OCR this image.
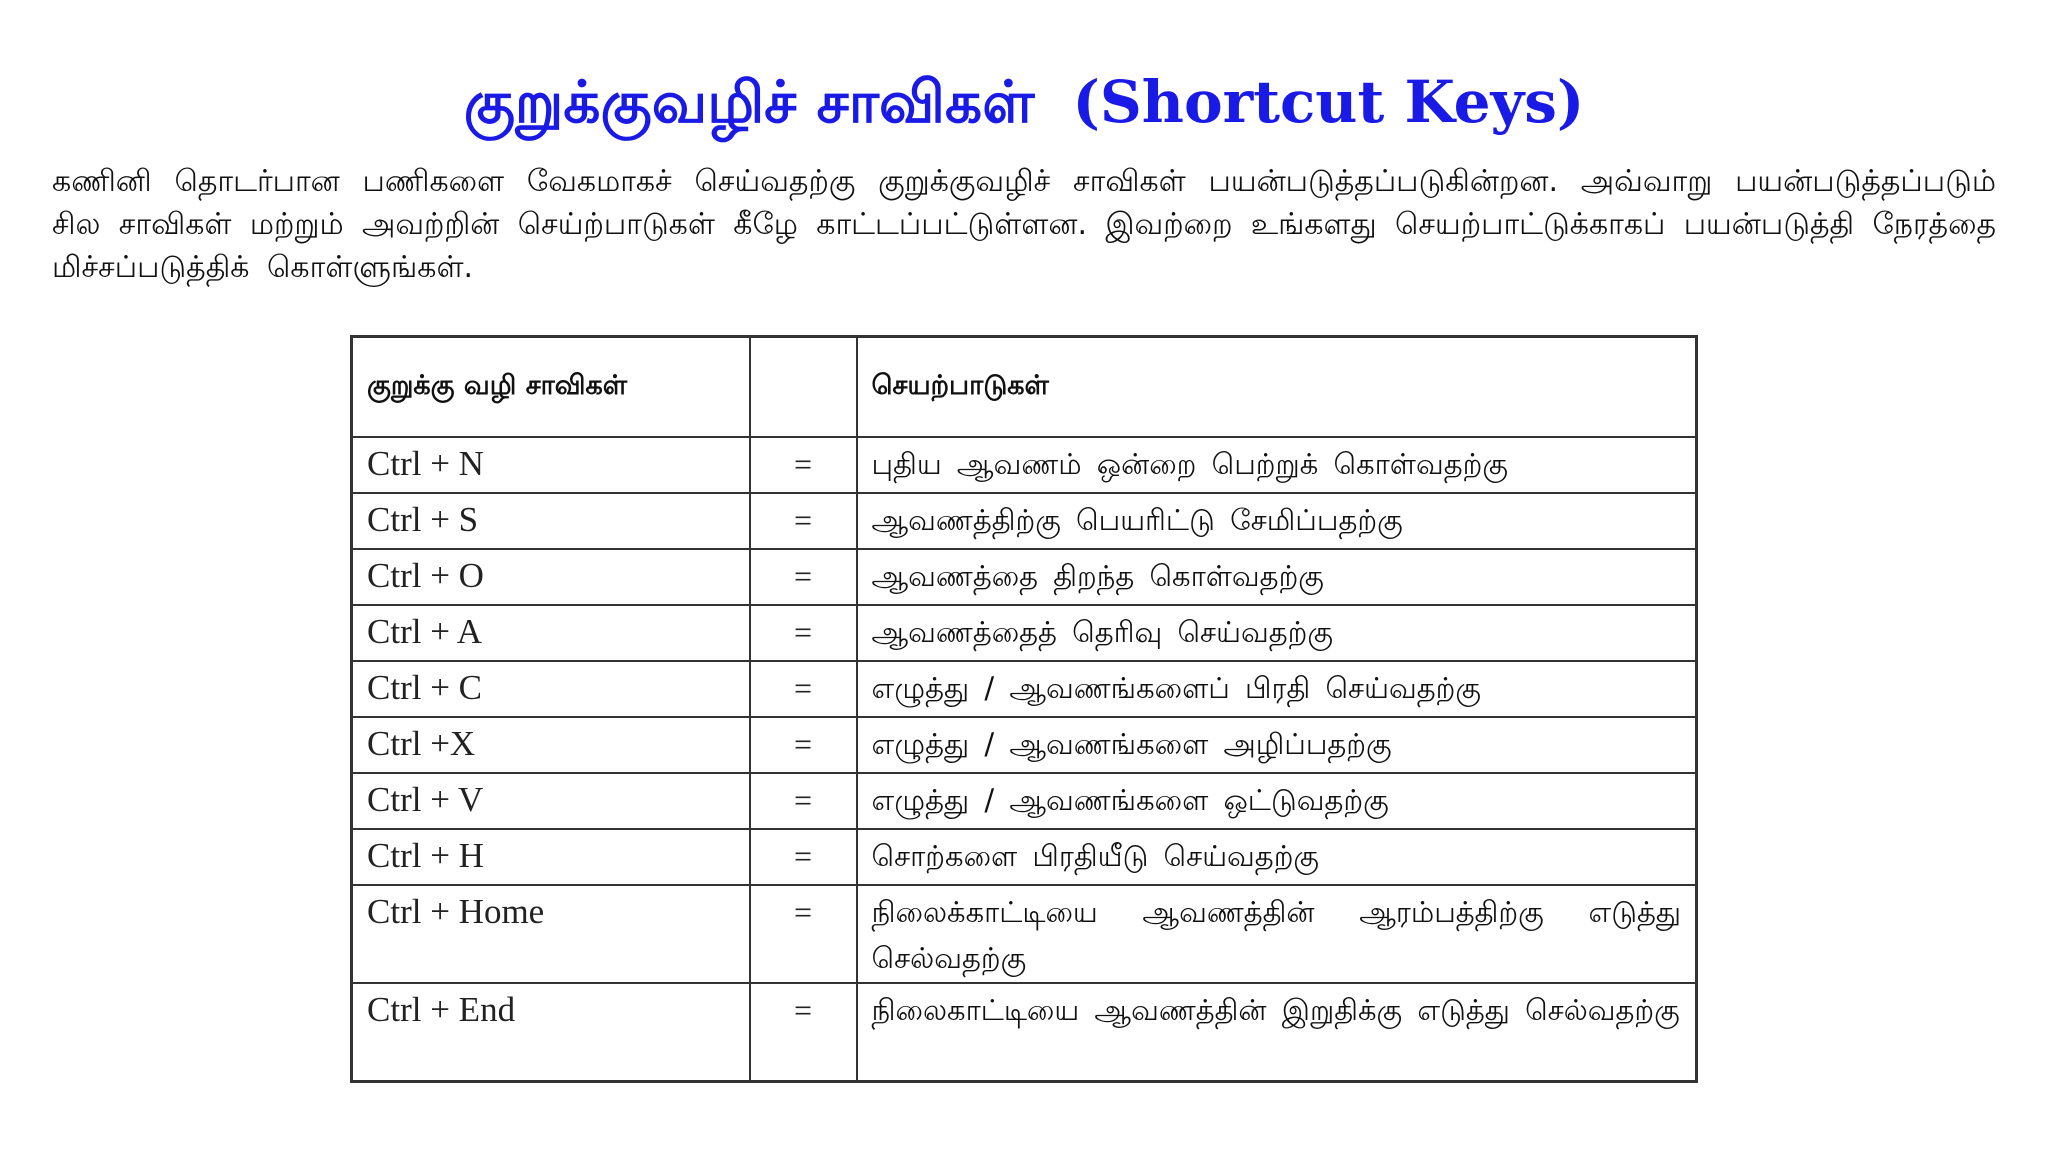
குறுக்குவழிச் சாவிகள் (Shortcut Keys)

கணினி தொடர்பான பணிகளை வேகமாகச் செய்வதற்கு குறுக்குவழிச் சாவிகள் பயன்படுத்தப்படுகின்றன. அவ்வாறு பயன்படுத்தப்படும் சில சாவிகள் மற்றும் அவற்றின் செய்ற்பாடுகள் கீழே காட்டப்பட்டுள்ளன. இவற்றை உங்களது செயற்பாட்டுக்காகப் பயன்படுத்தி நேரத்தை மிச்சப்படுத்திக் கொள்ளுங்கள்.

குறுக்கு வழி சாவிகள்		செயற்பாடுகள்
Ctrl + N	=	புதிய ஆவணம் ஒன்றை பெற்றுக் கொள்வதற்கு
Ctrl + S	=	ஆவணத்திற்கு பெயரிட்டு சேமிப்பதற்கு
Ctrl + O	=	ஆவணத்தை திறந்த கொள்வதற்கு
Ctrl + A	=	ஆவணத்தைத் தெரிவு செய்வதற்கு
Ctrl + C	=	எழுத்து / ஆவணங்களைப் பிரதி செய்வதற்கு
Ctrl +X	=	எழுத்து / ஆவணங்களை அழிப்பதற்கு
Ctrl + V	=	எழுத்து / ஆவணங்களை ஒட்டுவதற்கு
Ctrl + H	=	சொற்களை பிரதியீடு செய்வதற்கு
Ctrl + Home	=	நிலைக்காட்டியை ஆவணத்தின் ஆரம்பத்திற்கு எடுத்து செல்வதற்கு
Ctrl + End	=	நிலைகாட்டியை ஆவணத்தின் இறுதிக்கு எடுத்து செல்வதற்கு
